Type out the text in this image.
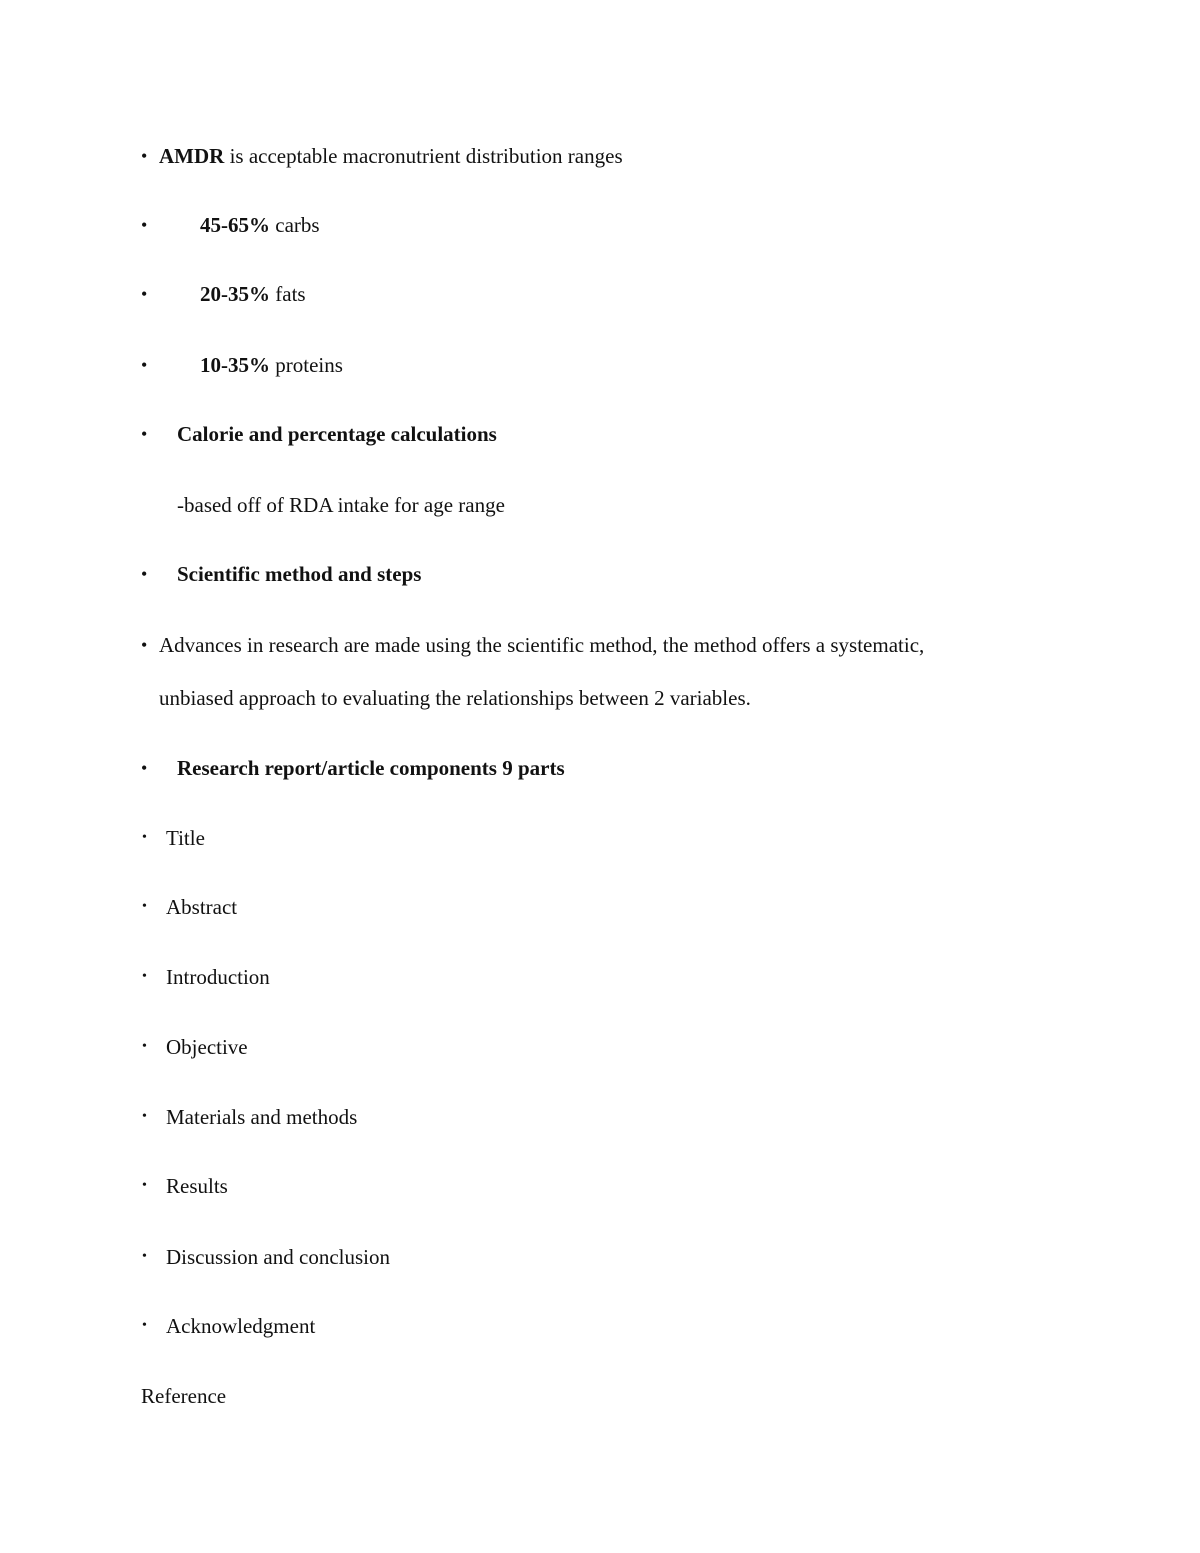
• AMDR is acceptable macronutrient distribution ranges
•	45-65% carbs
•	20-35% fats
•	10-35% proteins
• Calorie and percentage calculations
-based off of RDA intake for age range
• Scientific method and steps
• Advances in research are made using the scientific method, the method offers a systematic,
unbiased approach to evaluating the relationships between 2 variables.
• Research report/article components 9 parts
• Title
• Abstract
• Introduction
• Objective
• Materials and methods
• Results
• Discussion and conclusion
• Acknowledgment
Reference
